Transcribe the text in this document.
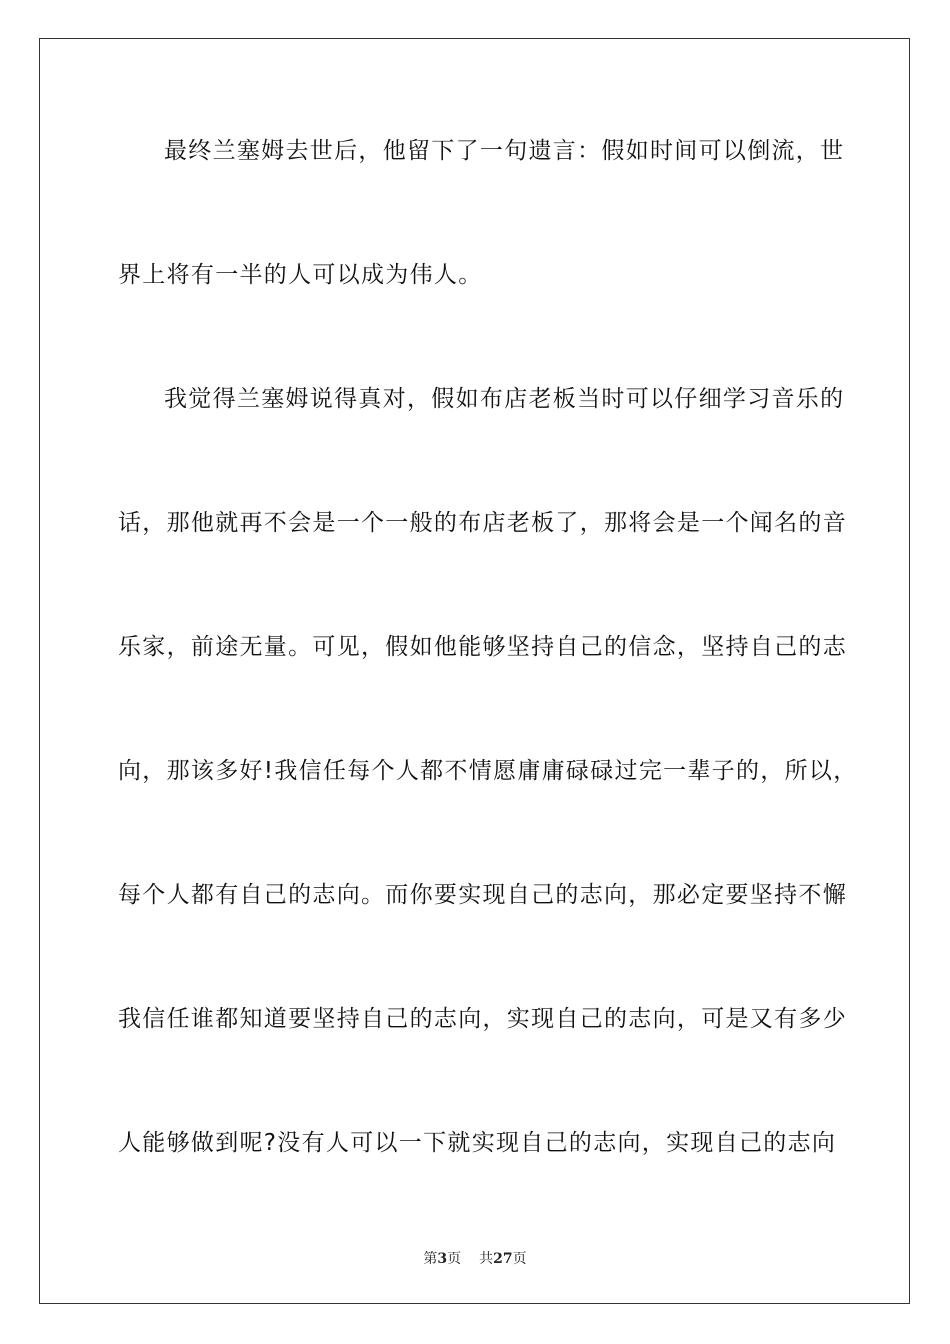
最终兰塞姆去世后，他留下了一句遗言：假如时间可以倒流，世
界上将有一半的人可以成为伟人。
我觉得兰塞姆说得真对，假如布店老板当时可以仔细学习音乐的
话，那他就再不会是一个一般的布店老板了，那将会是一个闻名的音
乐家，前途无量。可见，假如他能够坚持自己的信念，坚持自己的志
向，那该多好!我信任每个人都不情愿庸庸碌碌过完一辈子的，所以，
每个人都有自己的志向。而你要实现自己的志向，那必定要坚持不懈
我信任谁都知道要坚持自己的志向，实现自己的志向，可是又有多少
人能够做到呢?没有人可以一下就实现自己的志向，实现自己的志向
第3页 共27页
